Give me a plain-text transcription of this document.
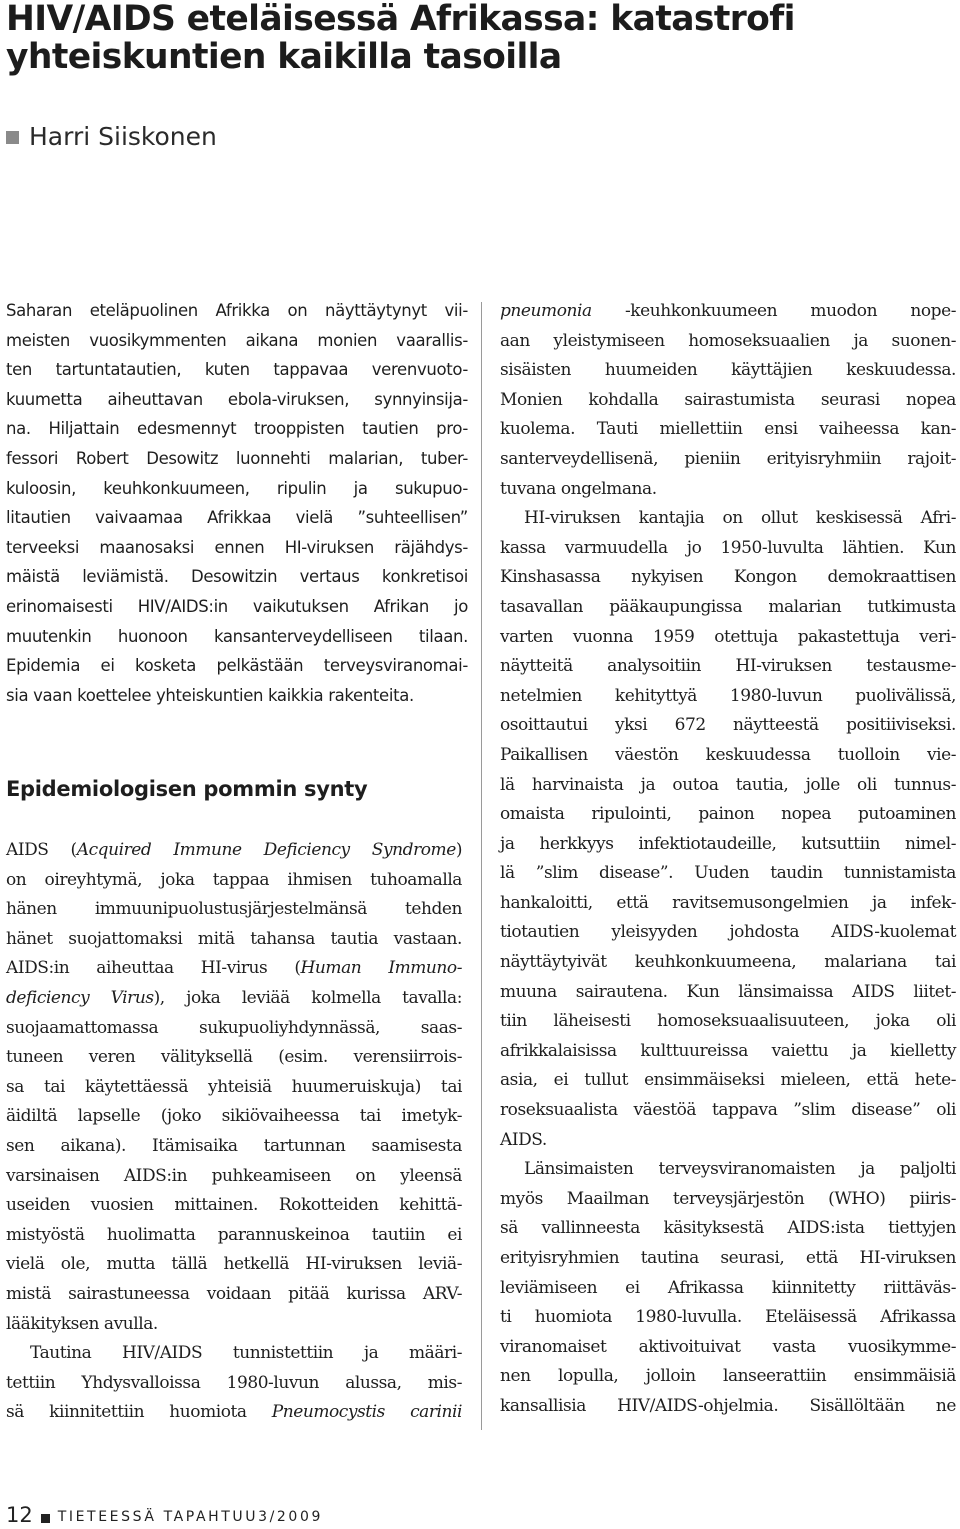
HIV/AIDS eteläisessä Afrikassa: katastrofi yhteiskuntien kaikilla tasoilla
Harri Siiskonen
Saharan eteläpuolinen Afrikka on näyttäytynyt vii-
meisten vuosikymmenten aikana monien vaarallis-
ten tartuntatautien, kuten tappavaa verenvuoto-
kuumetta aiheuttavan ebola-viruksen, synnyinsija-
na. Hiljattain edesmennyt trooppisten tautien pro-
fessori Robert Desowitz luonnehti malarian, tuber-
kuloosin, keuhkonkuumeen, ripulin ja sukupuo-
litautien vaivaamaa Afrikkaa vielä ”suhteellisen”
terveeksi maanosaksi ennen HI-viruksen räjähdys-
mäistä leviämistä. Desowitzin vertaus konkretisoi
erinomaisesti HIV/AIDS:in vaikutuksen Afrikan jo
muutenkin huonoon kansanterveydelliseen tilaan.
Epidemia ei kosketa pelkästään terveysviranomai-
sia vaan koettelee yhteiskuntien kaikkia rakenteita.
Epidemiologisen pommin synty
AIDS (Acquired Immune Deficiency Syndrome)
on oireyhtymä, joka tappaa ihmisen tuhoamalla
hänen immuunipuolustusjärjestelmänsä tehden
hänet suojattomaksi mitä tahansa tautia vastaan.
AIDS:in aiheuttaa HI-virus (Human Immuno-
deficiency Virus), joka leviää kolmella tavalla:
suojaamattomassa sukupuoliyhdynnässä, saas-
tuneen veren välityksellä (esim. verensiirrois-
sa tai käytettäessä yhteisiä huumeruiskuja) tai
äidiltä lapselle (joko sikiövaiheessa tai imetyk-
sen aikana). Itämisaika tartunnan saamisesta
varsinaisen AIDS:in puhkeamiseen on yleensä
useiden vuosien mittainen. Rokotteiden kehittä-
mistyöstä huolimatta parannuskeinoa tautiin ei
vielä ole, mutta tällä hetkellä HI-viruksen leviä-
mistä sairastuneessa voidaan pitää kurissa ARV-
lääkityksen avulla.
Tautina HIV/AIDS tunnistettiin ja määri-
tettiin Yhdysvalloissa 1980-luvun alussa, mis-
sä kiinnitettiin huomiota Pneumocystis carinii
pneumonia -keuhkonkuumeen muodon nope-
aan yleistymiseen homoseksuaalien ja suonen-
sisäisten huumeiden käyttäjien keskuudessa.
Monien kohdalla sairastumista seurasi nopea
kuolema. Tauti miellettiin ensi vaiheessa kan-
santerveydellisenä, pieniin erityisryhmiin rajoit-
tuvana ongelmana.
HI-viruksen kantajia on ollut keskisessä Afri-
kassa varmuudella jo 1950-luvulta lähtien. Kun
Kinshasassa nykyisen Kongon demokraattisen
tasavallan pääkaupungissa malarian tutkimusta
varten vuonna 1959 otettuja pakastettuja veri-
näytteitä analysoitiin HI-viruksen testausme-
netelmien kehityttyä 1980-luvun puolivälissä,
osoittautui yksi 672 näytteestä positiiviseksi.
Paikallisen väestön keskuudessa tuolloin vie-
lä harvinaista ja outoa tautia, jolle oli tunnus-
omaista ripulointi, painon nopea putoaminen
ja herkkyys infektiotaudeille, kutsuttiin nimel-
lä ”slim disease”. Uuden taudin tunnistamista
hankaloitti, että ravitsemusongelmien ja infek-
tiotautien yleisyyden johdosta AIDS-kuolemat
näyttäytyivät keuhkonkuumeena, malariana tai
muuna sairautena. Kun länsimaissa AIDS liitet-
tiin läheisesti homoseksuaalisuuteen, joka oli
afrikkalaisissa kulttuureissa vaiettu ja kielletty
asia, ei tullut ensimmäiseksi mieleen, että hete-
roseksuaalista väestöä tappava ”slim disease” oli
AIDS.
Länsimaisten terveysviranomaisten ja paljolti
myös Maailman terveysjärjestön (WHO) piiris-
sä vallinneesta käsityksestä AIDS:ista tiettyjen
erityisryhmien tautina seurasi, että HI-viruksen
leviämiseen ei Afrikassa kiinnitetty riittäväs-
ti huomiota 1980-luvulla. Eteläisessä Afrikassa
viranomaiset aktivoituivat vasta vuosikymme-
nen lopulla, jolloin lanseerattiin ensimmäisiä
kansallisia HIV/AIDS-ohjelmia. Sisällöltään ne
12 TIETEESSÄ TAPAHTUU3/2009
